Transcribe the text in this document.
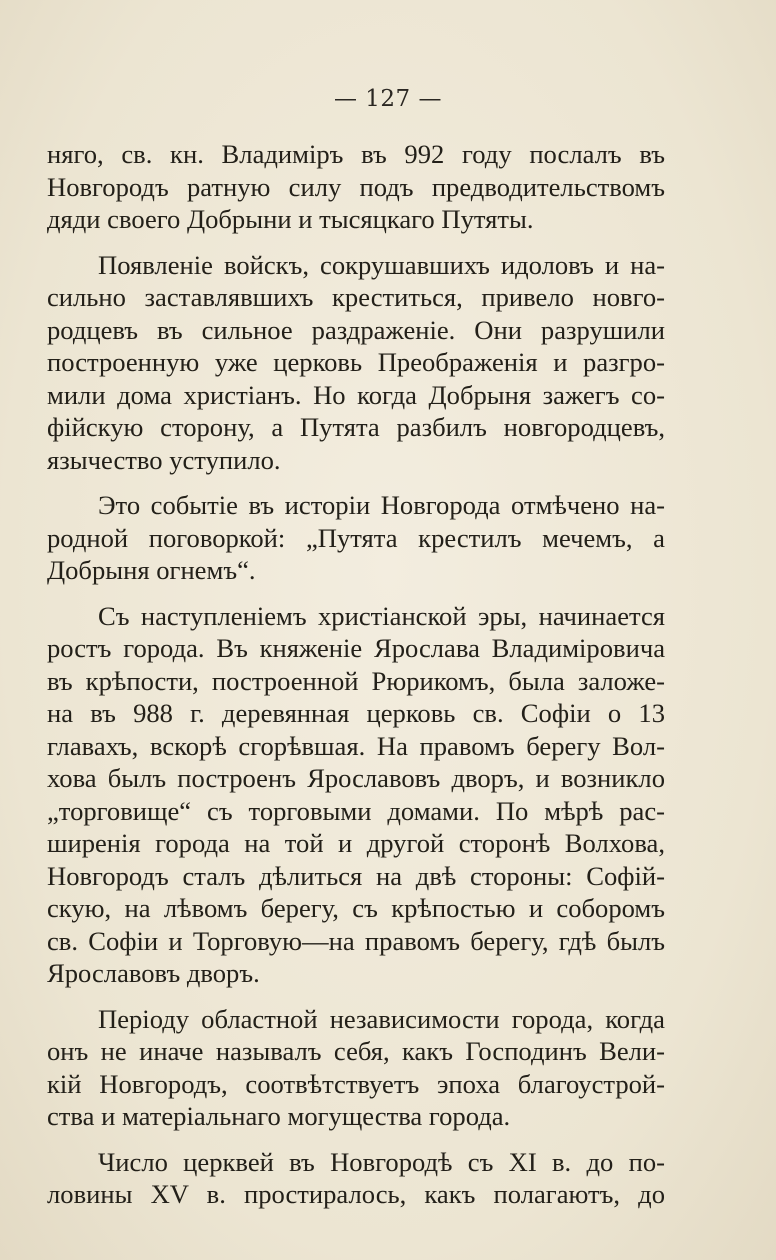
— 127 —
няго, св. кн. Владиміръ въ 992 году послалъ въ
Новгородъ ратную силу подъ предводительствомъ
дяди своего Добрыни и тысяцкаго Путяты.
Появленіе войскъ, сокрушавшихъ идоловъ и на-
сильно заставлявшихъ креститься, привело новго-
родцевъ въ сильное раздраженіе. Они разрушили
построенную уже церковь Преображенія и разгро-
мили дома христіанъ. Но когда Добрыня зажегъ со-
фійскую сторону, а Путята разбилъ новгородцевъ,
язычество уступило.
Это событіе въ исторіи Новгорода отмѣчено на-
родной поговоркой: „Путята крестилъ мечемъ, а
Добрыня огнемъ“.
Съ наступленіемъ христіанской эры, начинается
ростъ города. Въ княженіе Ярослава Владиміровича
въ крѣпости, построенной Рюрикомъ, была заложе-
на въ 988 г. деревянная церковь св. Софіи о 13
главахъ, вскорѣ сгорѣвшая. На правомъ берегу Вол-
хова былъ построенъ Ярославовъ дворъ, и возникло
„торговище“ съ торговыми домами. По мѣрѣ рас-
ширенія города на той и другой сторонѣ Волхова,
Новгородъ сталъ дѣлиться на двѣ стороны: Софій-
скую, на лѣвомъ берегу, съ крѣпостью и соборомъ
св. Софіи и Торговую—на правомъ берегу, гдѣ былъ
Ярославовъ дворъ.
Періоду областной независимости города, когда
онъ не иначе называлъ себя, какъ Господинъ Вели-
кій Новгородъ, соотвѣтствуетъ эпоха благоустрой-
ства и матеріальнаго могущества города.
Число церквей въ Новгородѣ съ XI в. до по-
ловины XV в. простиралось, какъ полагаютъ, до
